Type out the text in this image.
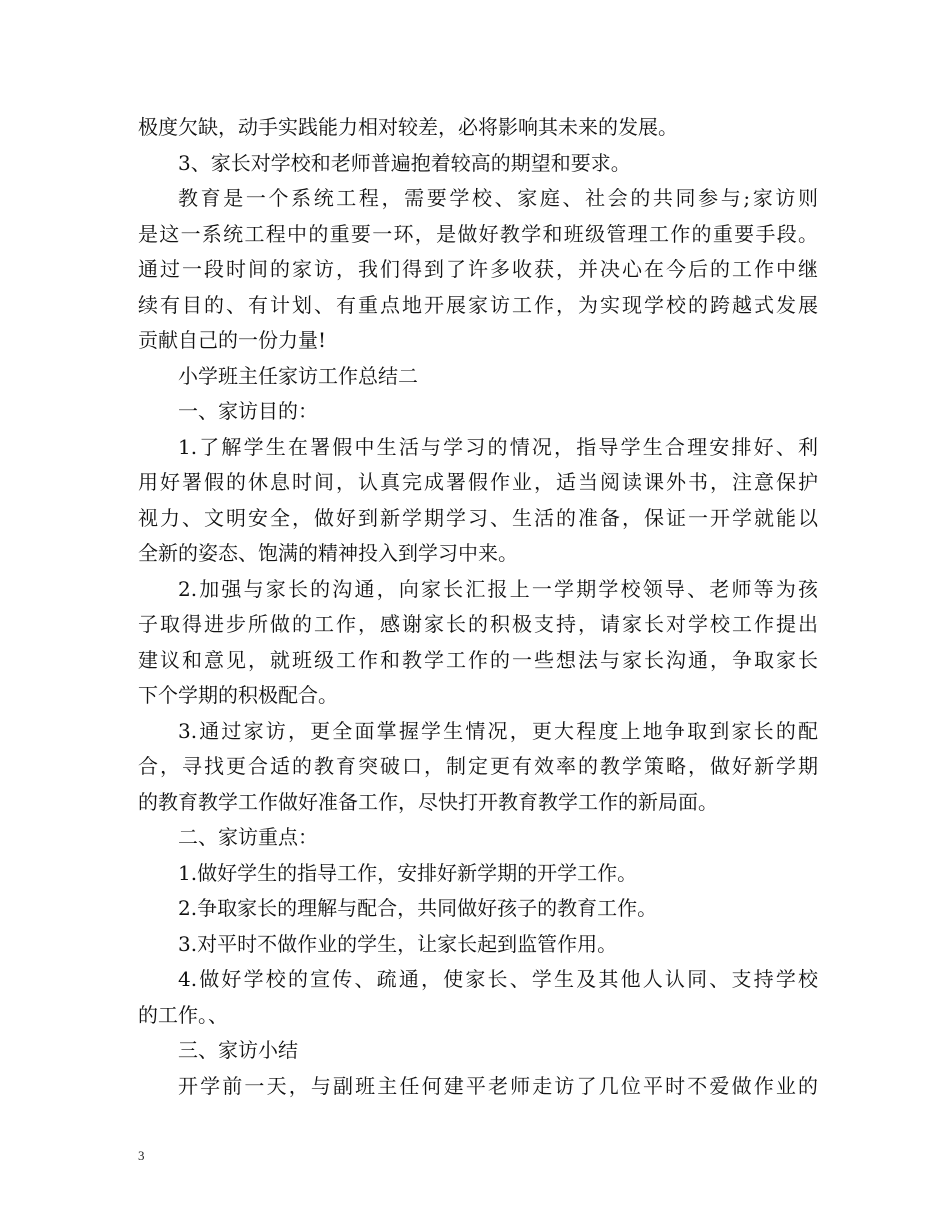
极度欠缺，动手实践能力相对较差，必将影响其未来的发展。
3、家长对学校和老师普遍抱着较高的期望和要求。
教育是一个系统工程，需要学校、家庭、社会的共同参与;家访则
是这一系统工程中的重要一环，是做好教学和班级管理工作的重要手段。
通过一段时间的家访，我们得到了许多收获，并决心在今后的工作中继
续有目的、有计划、有重点地开展家访工作，为实现学校的跨越式发展
贡献自己的一份力量!
小学班主任家访工作总结二
一、家访目的：
1.了解学生在署假中生活与学习的情况，指导学生合理安排好、利
用好署假的休息时间，认真完成署假作业，适当阅读课外书，注意保护
视力、文明安全，做好到新学期学习、生活的准备，保证一开学就能以
全新的姿态、饱满的精神投入到学习中来。
2.加强与家长的沟通，向家长汇报上一学期学校领导、老师等为孩
子取得进步所做的工作，感谢家长的积极支持，请家长对学校工作提出
建议和意见，就班级工作和教学工作的一些想法与家长沟通，争取家长
下个学期的积极配合。
3.通过家访，更全面掌握学生情况，更大程度上地争取到家长的配
合，寻找更合适的教育突破口，制定更有效率的教学策略，做好新学期
的教育教学工作做好准备工作，尽快打开教育教学工作的新局面。
二、家访重点：
1.做好学生的指导工作，安排好新学期的开学工作。
2.争取家长的理解与配合，共同做好孩子的教育工作。
3.对平时不做作业的学生，让家长起到监管作用。
4.做好学校的宣传、疏通，使家长、学生及其他人认同、支持学校
的工作。、
三、家访小结
开学前一天，与副班主任何建平老师走访了几位平时不爱做作业的
3
